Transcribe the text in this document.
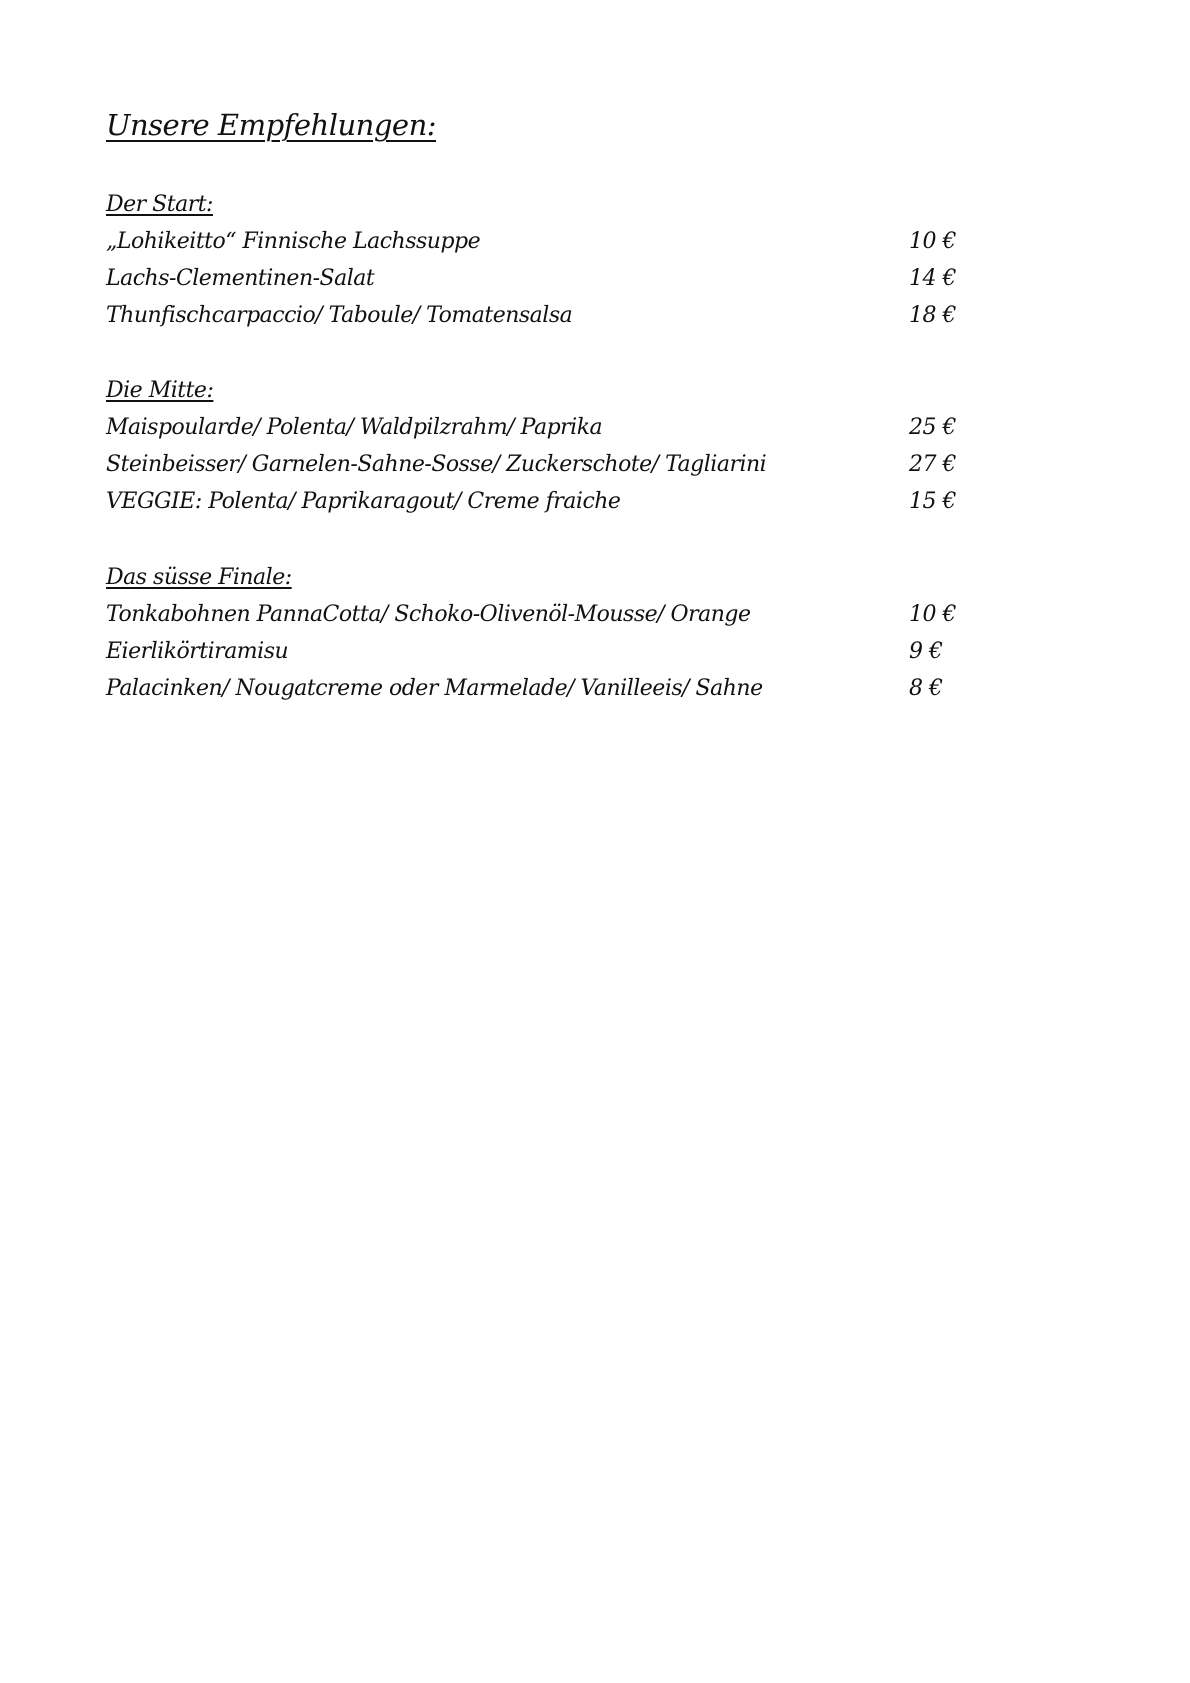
Unsere Empfehlungen:
Der Start:
„Lohikeitto“ Finnische Lachssuppe	10 €
Lachs-Clementinen-Salat	14 €
Thunfischcarpaccio/ Taboule/ Tomatensalsa	18 €
Die Mitte:
Maispoularde/ Polenta/ Waldpilzrahm/ Paprika	25 €
Steinbeisser/ Garnelen-Sahne-Sosse/ Zuckerschote/ Tagliarini	27 €
VEGGIE: Polenta/ Paprikaragout/ Creme fraiche	15 €
Das süsse Finale:
Tonkabohnen PannaCotta/ Schoko-Olivenöl-Mousse/ Orange	10 €
Eierlikörtiramisu	9 €
Palacinken/ Nougatcreme oder Marmelade/ Vanilleeis/ Sahne	8 €
